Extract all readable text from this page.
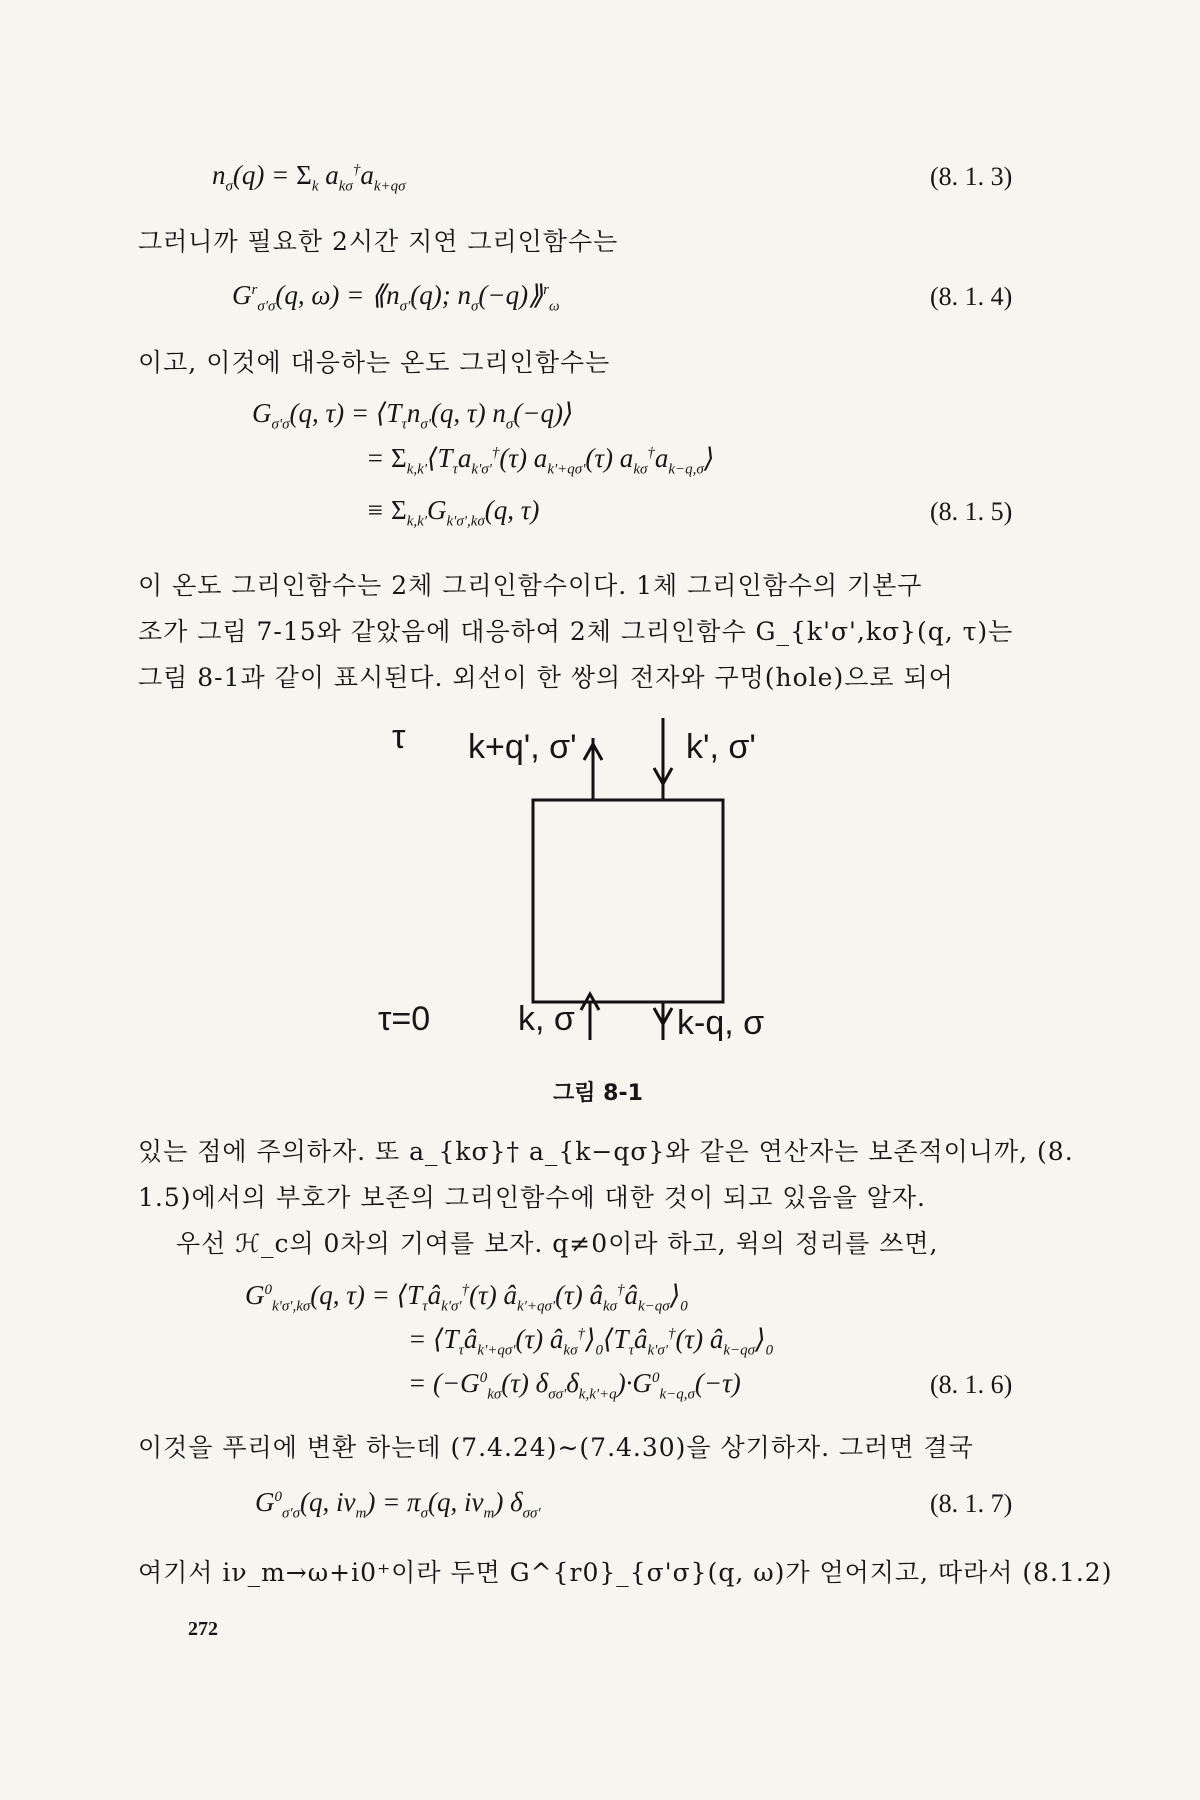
$n_\sigma(q) = \Sigma_k$ $a_{k\sigma}^\dagger a_{k+q\sigma}$	(8. 1. 3)
그러니까 필요한 2시간 지연 그리인함수는
$G^r_{\sigma'\sigma}(q$, $\omega) = ⟪n_{\sigma'}(q)$; $n_\sigma(-q)⟫^r_\omega$	(8. 1. 4)
이고, 이것에 대응하는 온도 그리인함수는
$G_{\sigma'\sigma}(q$, $\tau) = ⟨T_\tau n_{\sigma'}(q$, τ) $n_\sigma(-q)⟩$
= $\Sigma_{k,k'}⟨T_\tau a_{k'\sigma'}^\dagger(\tau)$ $a_{k'+q\sigma'}(\tau)$ $a_{k\sigma}^\dagger a_{k-q,\sigma}⟩$
≡ $\Sigma_{k,k'}G_{k'\sigma',k\sigma}(q$, τ)	(8. 1. 5)
이 온도 그리인함수는 2체 그리인함수이다. 1체 그리인함수의 기본구
조가 그림 7-15와 같았음에 대응하여 2체 그리인함수 G_{k'σ',kσ}(q, τ)는
그림 8-1과 같이 표시된다. 외선이 한 쌍의 전자와 구멍(hole)으로 되어
τ k+q', σ'	k', σ'
τ=0	k, σ	k-q, σ
그림 8-1
있는 점에 주의하자. 또 a_{kσ}† a_{k−qσ}와 같은 연산자는 보존적이니까, (8.
1.5)에서의 부호가 보존의 그리인함수에 대한 것이 되고 있음을 알자.
우선 ℋ_c의 0차의 기여를 보자. q≠0이라 하고, 윅의 정리를 쓰면,
$G^0_{k'\sigma',k\sigma}(q$, $\tau) = ⟨T_\tau â_{k'\sigma'}^\dagger(\tau)$ $â_{k'+q\sigma'}(\tau)$ $â_{k\sigma}^\dagger â_{k-q\sigma}⟩_0$
= $⟨T_\tau â_{k'+q\sigma'}(\tau)$ $â_{k\sigma}^\dagger⟩_0⟨T_\tau â_{k'\sigma'}^\dagger(\tau)$ $â_{k-q\sigma}⟩_0$
= ($-G^0_{k\sigma}(\tau)$ $\delta_{\sigma\sigma'}\delta_{k,k'+q})\cdot G^0_{k-q,\sigma}(-\tau)$	(8. 1. 6)
이것을 푸리에 변환 하는데 (7.4.24)∼(7.4.30)을 상기하자. 그러면 결국
$G^0_{\sigma'\sigma}(q$, $i\nu_m) = \pi_\sigma(q$, $i\nu_m$) $\delta_{\sigma\sigma'}$	(8. 1. 7)
여기서 iν_m→ω+i0⁺이라 두면 G^{r0}_{σ'σ}(q, ω)가 얻어지고, 따라서 (8.1.2)
272
